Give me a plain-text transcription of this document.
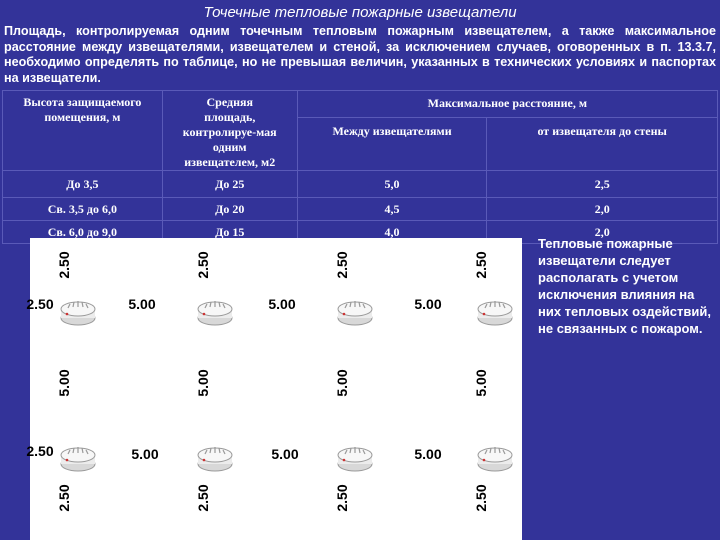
Точечные тепловые пожарные извещатели
Площадь, контролируемая одним точечным тепловым пожарным извещателем, а также максимальное расстояние между извещателями, извещателем и стеной, за исключением случаев, оговоренных в п. 13.3.7, необходимо определять по таблице, но не превышая величин, указанных в технических условиях и паспортах на извещатели.
Высота защищаемого помещения, м	Средняя площадь, контролируе-мая одним извещателем, м2	Максимальное расстояние, м	
		Между извещателями	от извещателя до стены
До 3,5	До 25	5,0	2,5
Св. 3,5 до 6,0	До 20	4,5	2,0
Св. 6,0 до 9,0	До 15	4,0	2,0
2.50	2.50	2.50	2.50
2.50	2.50	2.50	2.50
5.00	5.00	5.00	5.00
2.50
2.50
5.00	5.00	5.00
5.00	5.00	5.00
Тепловые пожарные извещатели следует располагать с учетом исключения влияния на них тепловых оздействий, не связанных с пожаром.
